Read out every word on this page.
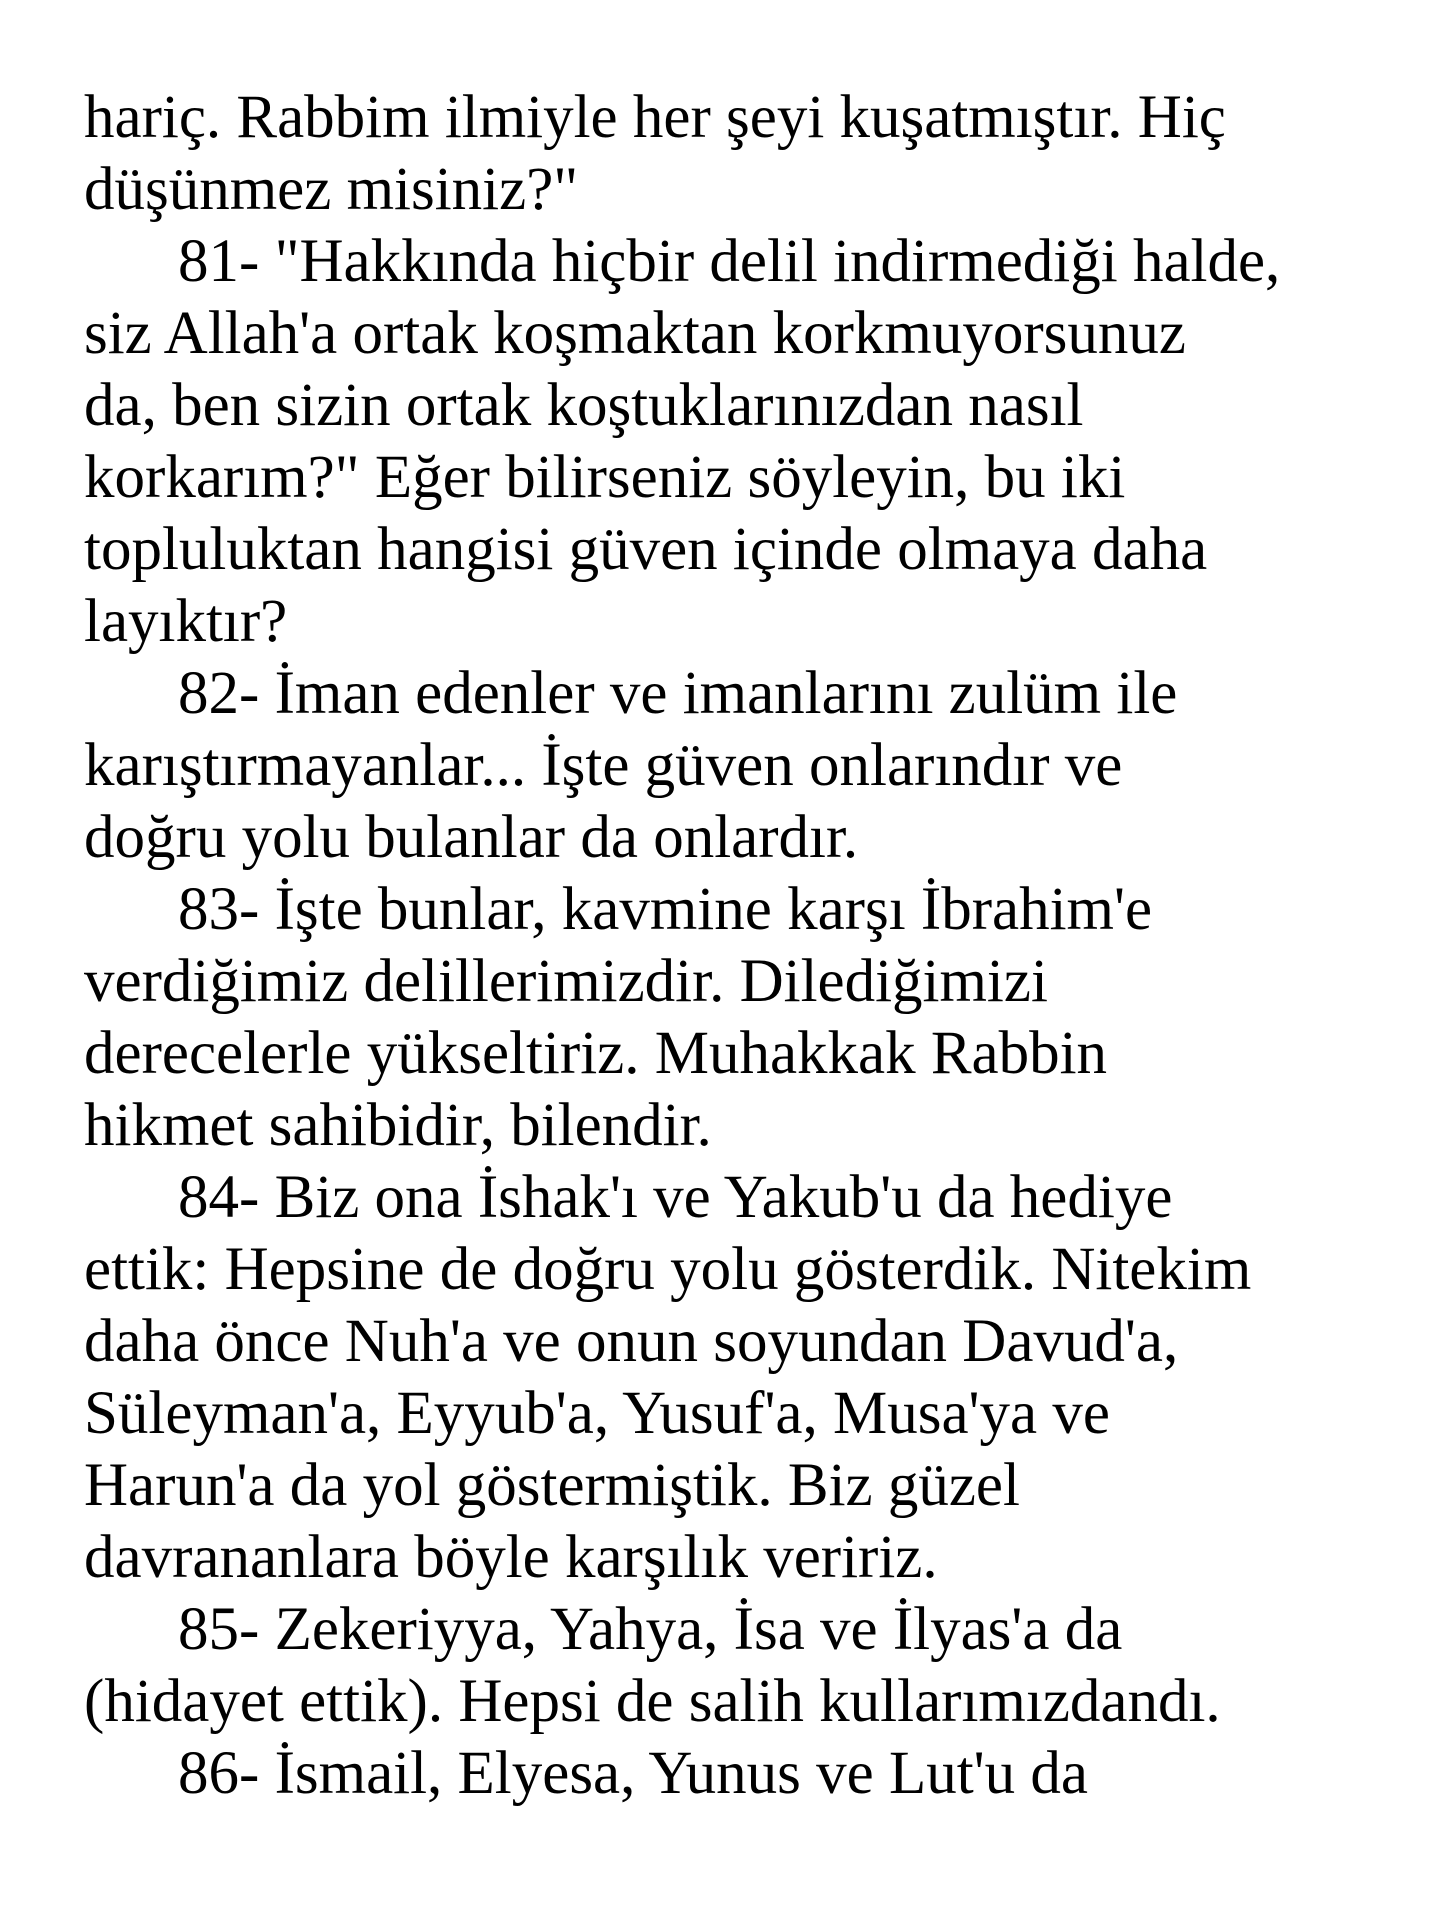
hariç. Rabbim ilmiyle her şeyi kuşatmıştır. Hiç
düşünmez misiniz?"
81- "Hakkında hiçbir delil indirmediği halde,
siz Allah'a ortak koşmaktan korkmuyorsunuz
da, ben sizin ortak koştuklarınızdan nasıl
korkarım?" Eğer bilirseniz söyleyin, bu iki
topluluktan hangisi güven içinde olmaya daha
layıktır?
82- İman edenler ve imanlarını zulüm ile
karıştırmayanlar... İşte güven onlarındır ve
doğru yolu bulanlar da onlardır.
83- İşte bunlar, kavmine karşı İbrahim'e
verdiğimiz delillerimizdir. Dilediğimizi
derecelerle yükseltiriz. Muhakkak Rabbin
hikmet sahibidir, bilendir.
84- Biz ona İshak'ı ve Yakub'u da hediye
ettik: Hepsine de doğru yolu gösterdik. Nitekim
daha önce Nuh'a ve onun soyundan Davud'a,
Süleyman'a, Eyyub'a, Yusuf'a, Musa'ya ve
Harun'a da yol göstermiştik. Biz güzel
davrananlara böyle karşılık veririz.
85- Zekeriyya, Yahya, İsa ve İlyas'a da
(hidayet ettik). Hepsi de salih kullarımızdandı.
86- İsmail, Elyesa, Yunus ve Lut'u da
